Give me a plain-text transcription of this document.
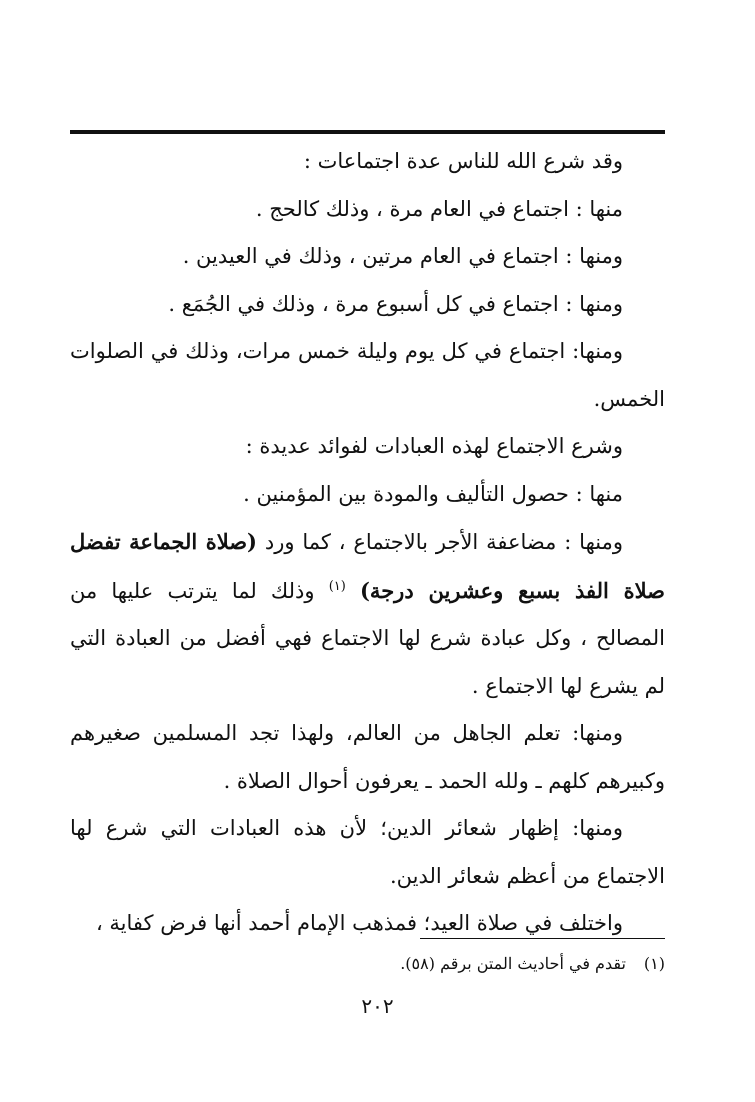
وقد شرع الله للناس عدة اجتماعات :

منها : اجتماع في العام مرة ، وذلك كالحج .

ومنها : اجتماع في العام مرتين ، وذلك في العيدين .

ومنها : اجتماع في كل أسبوع مرة ، وذلك في الجُمَع .

ومنها: اجتماع في كل يوم وليلة خمس مرات، وذلك في الصلوات الخمس.

وشرع الاجتماع لهذه العبادات لفوائد عديدة :

منها : حصول التأليف والمودة بين المؤمنين .

ومنها : مضاعفة الأجر بالاجتماع ، كما ورد (صلاة الجماعة تفضل صلاة الفذ بسبع وعشرين درجة) $^{(١)}$ وذلك لما يترتب عليها من المصالح ، وكل عبادة شرع لها الاجتماع فهي أفضل من العبادة التي لم يشرع لها الاجتماع .

ومنها: تعلم الجاهل من العالم، ولهذا تجد المسلمين صغيرهم وكبيرهم كلهم ـ ولله الحمد ـ يعرفون أحوال الصلاة .

ومنها: إظهار شعائر الدين؛ لأن هذه العبادات التي شرع لها الاجتماع من أعظم شعائر الدين.

واختلف في صلاة العيد؛ فمذهب الإمام أحمد أنها فرض كفاية ،

(١)تقدم في أحاديث المتن برقم (٥٨).
٢٠٢
